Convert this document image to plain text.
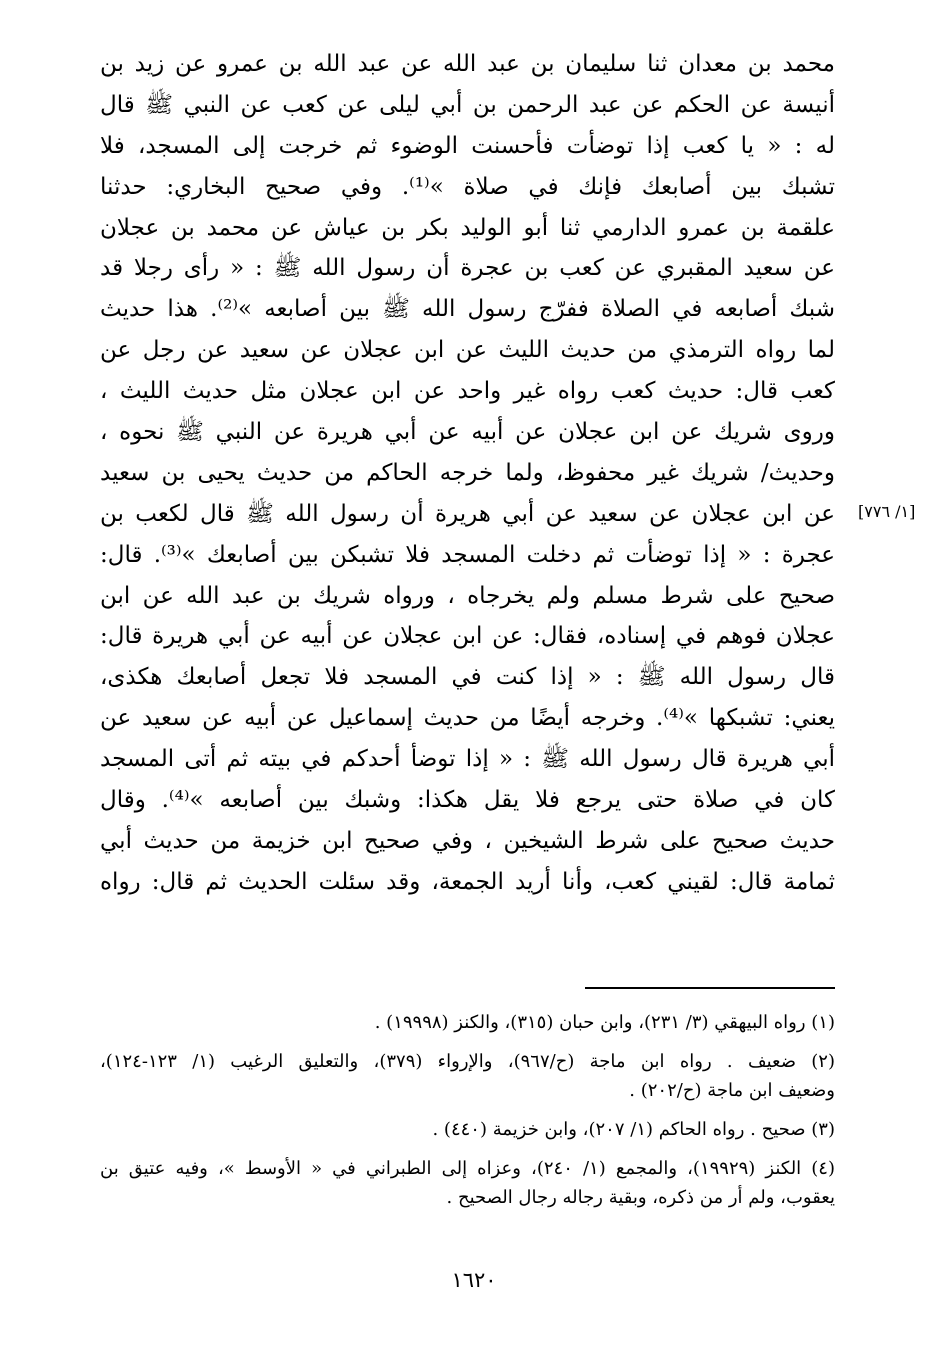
محمد بن معدان ثنا سليمان بن عبد الله عن عبد الله بن عمرو عن زيد بن
أنيسة عن الحكم عن عبد الرحمن بن أبي ليلى عن كعب عن النبي ﷺ قال
له : « يا كعب إذا توضأت فأحسنت الوضوء ثم خرجت إلى المسجد، فلا
تشبك بين أصابعك فإنك في صلاة »⁽¹⁾. وفي صحيح البخاري: حدثنا
علقمة بن عمرو الدارمي ثنا أبو الوليد بكر بن عياش عن محمد بن عجلان
عن سعيد المقبري عن كعب بن عجرة أن رسول الله ﷺ : « رأى رجلا قد
شبك أصابعه في الصلاة ففرّج رسول الله ﷺ بين أصابعه »⁽²⁾. هذا حديث
لما رواه الترمذي من حديث الليث عن ابن عجلان عن سعيد عن رجل عن
كعب قال: حديث كعب رواه غير واحد عن ابن عجلان مثل حديث الليث ،
وروى شريك عن ابن عجلان عن أبيه عن أبي هريرة عن النبي ﷺ نحوه ،
وحديث/ شريك غير محفوظ، ولما خرجه الحاكم من حديث يحيى بن سعيد
عن ابن عجلان عن سعيد عن أبي هريرة أن رسول الله ﷺ قال لكعب بن
عجرة : « إذا توضأت ثم دخلت المسجد فلا تشبكن بين أصابعك »⁽³⁾. قال:
صحيح على شرط مسلم ولم يخرجاه ، ورواه شريك بن عبد الله عن ابن
عجلان فوهم في إسناده، فقال: عن ابن عجلان عن أبيه عن أبي هريرة قال:
قال رسول الله ﷺ : « إذا كنت في المسجد فلا تجعل أصابعك هكذى،
يعني: تشبكها »⁽⁴⁾. وخرجه أيضًا من حديث إسماعيل عن أبيه عن سعيد عن
أبي هريرة قال رسول الله ﷺ : « إذا توضأ أحدكم في بيته ثم أتى المسجد
كان في صلاة حتى يرجع فلا يقل هكذا: وشبك بين أصابعه »⁽⁴⁾. وقال
حديث صحيح على شرط الشيخين ، وفي صحيح ابن خزيمة من حديث أبي
ثمامة قال: لقيني كعب، وأنا أريد الجمعة، وقد سئلت الحديث ثم قال: رواه
[١/ ٧٧٦]
(١) رواه البيهقي (٣/ ٢٣١)، وابن حبان (٣١٥)، والكنز (١٩٩٩٨) .
(٢) ضعيف . رواه ابن ماجة (ح/٩٦٧)، والإرواء (٣٧٩)، والتعليق الرغيب (١/ ١٢٣-١٢٤)،
وضعيف ابن ماجة (ح/٢٠٢) .
(٣) صحيح . رواه الحاكم (١/ ٢٠٧)، وابن خزيمة (٤٤٠) .
(٤) الكنز (١٩٩٢٩)، والمجمع (١/ ٢٤٠)، وعزاه إلى الطبراني في « الأوسط »، وفيه عتيق بن
يعقوب، ولم أر من ذكره، وبقية رجاله رجال الصحيح .
١٦٢٠
